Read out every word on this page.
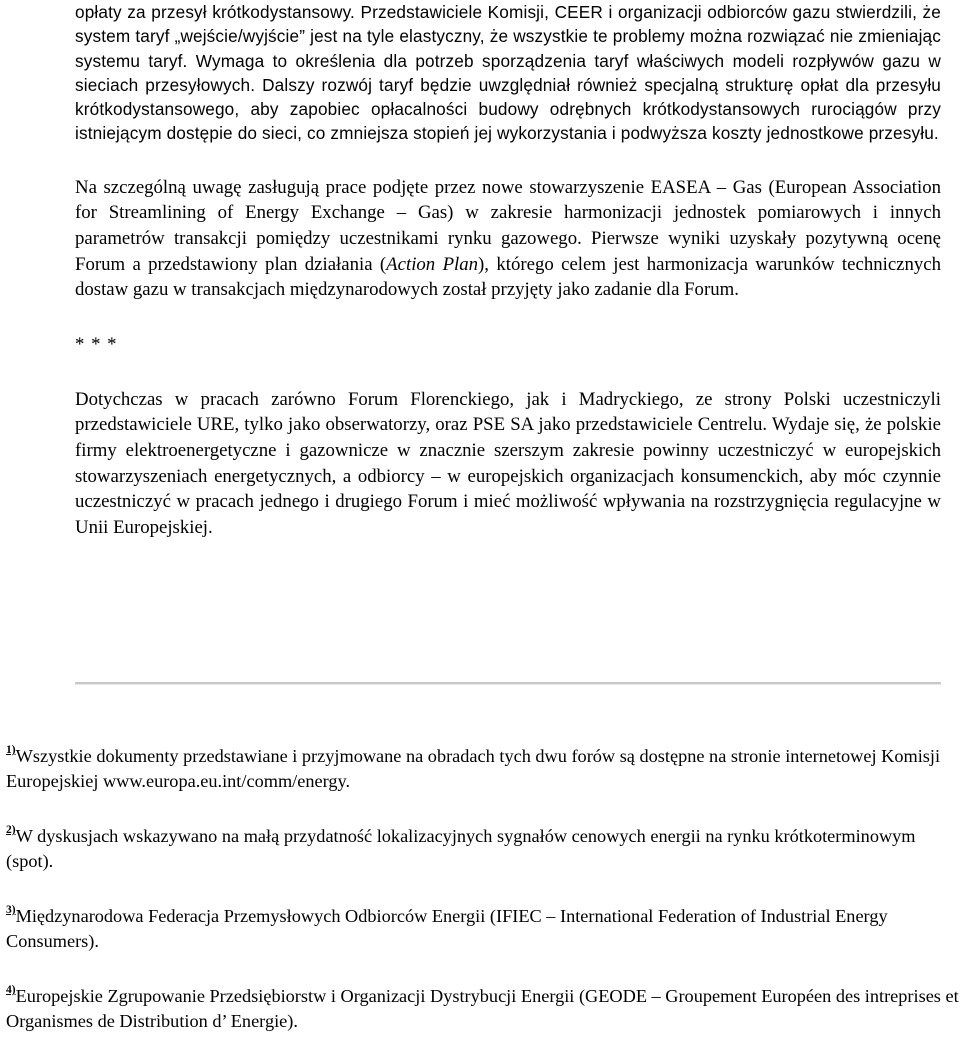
opłaty za przesył krótkodystansowy. Przedstawiciele Komisji, CEER i organizacji odbiorców gazu stwierdzili, że system taryf „wejście/wyjście” jest na tyle elastyczny, że wszystkie te problemy można rozwiązać nie zmieniając systemu taryf. Wymaga to określenia dla potrzeb sporządzenia taryf właściwych modeli rozpływów gazu w sieciach przesyłowych. Dalszy rozwój taryf będzie uwzględniał również specjalną strukturę opłat dla przesyłu krótkodystansowego, aby zapobiec opłacalności budowy odrębnych krótkodystansowych rurociągów przy istniejącym dostępie do sieci, co zmniejsza stopień jej wykorzystania i podwyższa koszty jednostkowe przesyłu.

Na szczególną uwagę zasługują prace podjęte przez nowe stowarzyszenie EASEA – Gas (European Association for Streamlining of Energy Exchange – Gas) w zakresie harmonizacji jednostek pomiarowych i innych parametrów transakcji pomiędzy uczestnikami rynku gazowego. Pierwsze wyniki uzyskały pozytywną ocenę Forum a przedstawiony plan działania (Action Plan), którego celem jest harmonizacja warunków technicznych dostaw gazu w transakcjach międzynarodowych został przyjęty jako zadanie dla Forum.

* * *

Dotychczas w pracach zarówno Forum Florenckiego, jak i Madryckiego, ze strony Polski uczestniczyli przedstawiciele URE, tylko jako obserwatorzy, oraz PSE SA jako przedstawiciele Centrelu. Wydaje się, że polskie firmy elektroenergetyczne i gazownicze w znacznie szerszym zakresie powinny uczestniczyć w europejskich stowarzyszeniach energetycznych, a odbiorcy – w europejskich organizacjach konsumenckich, aby móc czynnie uczestniczyć w pracach jednego i drugiego Forum i mieć możliwość wpływania na rozstrzygnięcia regulacyjne w Unii Europejskiej.

$^{1)}$Wszystkie dokumenty przedstawiane i przyjmowane na obradach tych dwu forów są dostępne na stronie internetowej Komisji Europejskiej www.europa.eu.int/comm/energy.

$^{2)}$W dyskusjach wskazywano na małą przydatność lokalizacyjnych sygnałów cenowych energii na rynku krótkoterminowym (spot).

$^{3)}$Międzynarodowa Federacja Przemysłowych Odbiorców Energii (IFIEC – International Federation of Industrial Energy Consumers).

$^{4)}$Europejskie Zgrupowanie Przedsiębiorstw i Organizacji Dystrybucji Energii (GEODE – Groupement Européen des intreprises et Organismes de Distribution d’ Energie).
